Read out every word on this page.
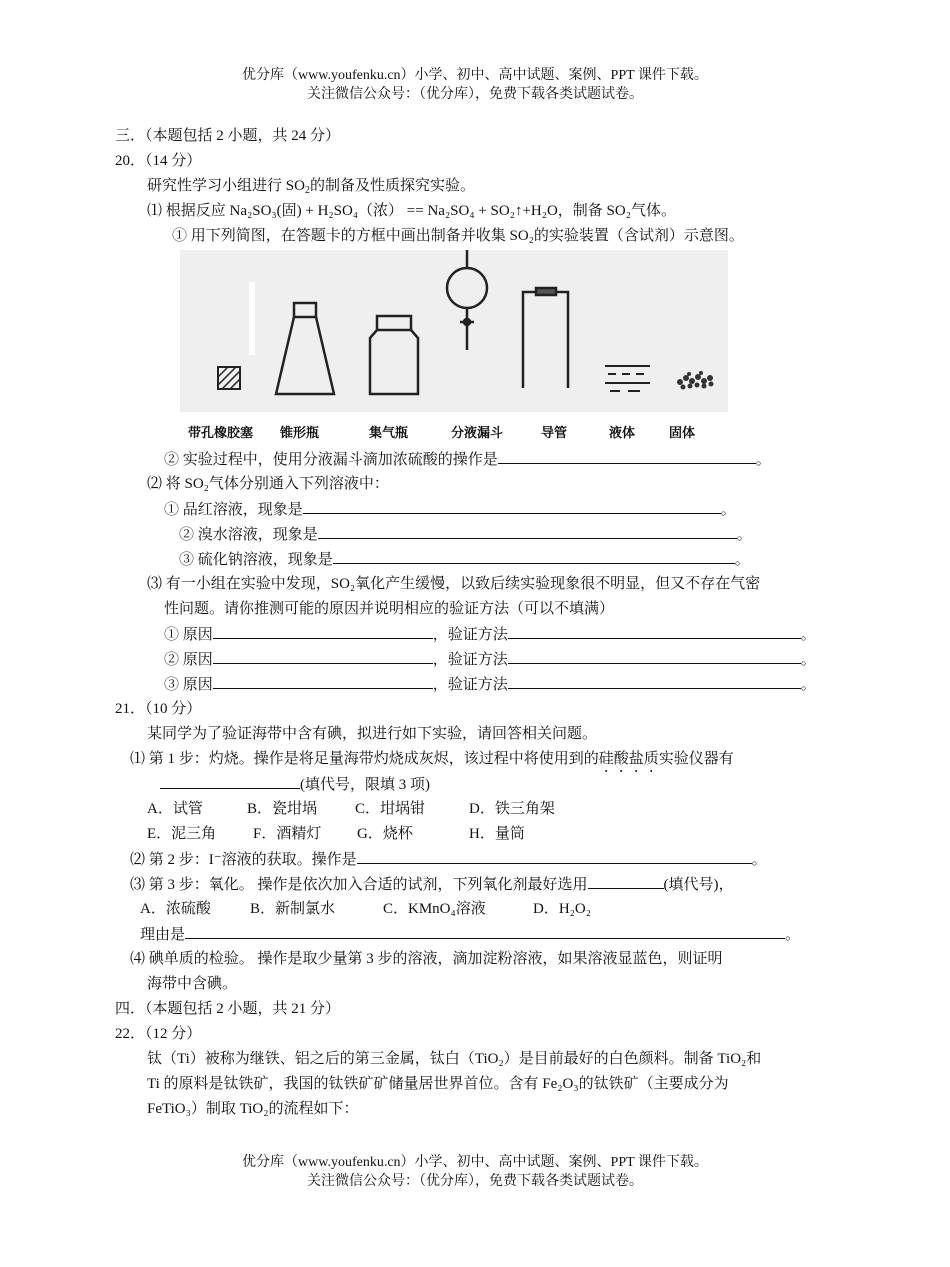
优分库（www.youfenku.cn）小学、初中、高中试题、案例、PPT 课件下载。
关注微信公众号：（优分库），免费下载各类试题试卷。
三．（本题包括 2 小题，共 24 分）
20．（14 分）
研究性学习小组进行 $SO_2$的制备及性质探究实验。
⑴ 根据反应 Na₂SO₃(固) + H₂SO₄（浓） == Na₂SO₄ + SO₂↑+H₂O，制备 SO₂气体。
① 用下列简图，在答题卡的方框中画出制备并收集 SO₂的实验装置（含试剂）示意图。
带孔橡胶塞 锥形瓶	集气瓶	分液漏斗	导管	液体	固体
② 实验过程中，使用分液漏斗滴加浓硫酸的操作是	。
⑵ 将 SO₂气体分别通入下列溶液中：
① 品红溶液，现象是	。
② 溴水溶液，现象是	。
③ 硫化钠溶液，现象是	。
⑶ 有一小组在实验中发现，SO₂氧化产生缓慢，以致后续实验现象很不明显，但又不存在气密
性问题。请你推测可能的原因并说明相应的验证方法（可以不填满）
① 原因	，验证方法	。
② 原因	，验证方法	。
③ 原因	，验证方法	。
21．（10 分）
某同学为了验证海带中含有碘，拟进行如下实验，请回答相关问题。
⑴ 第 1 步：灼烧。操作是将足量海带灼烧成灰烬，该过程中将使用到的硅酸盐质实验仪器有
(填代号，限填 3 项)
A．试管	B．瓷坩埚	C．坩埚钳	D．铁三角架
E．泥三角 F．酒精灯 G．烧杯	H．量筒
⑵ 第 2 步：I⁻溶液的获取。操作是	。
⑶ 第 3 步：氧化。 操作是依次加入合适的试剂，下列氧化剂最好选用	(填代号)，
A．浓硫酸	B．新制氯水	C．KMnO₄溶液	D．H₂O₂
理由是	。
⑷ 碘单质的检验。 操作是取少量第 3 步的溶液，滴加淀粉溶液，如果溶液显蓝色，则证明
海带中含碘。
四．（本题包括 2 小题，共 21 分）
22．（12 分）
钛（Ti）被称为继铁、铝之后的第三金属，钛白（TiO₂）是目前最好的白色颜料。制备 TiO₂和
Ti 的原料是钛铁矿，我国的钛铁矿矿储量居世界首位。含有 Fe₂O₃的钛铁矿（主要成分为
FeTiO₃）制取 TiO₂的流程如下：
优分库（www.youfenku.cn）小学、初中、高中试题、案例、PPT 课件下载。
关注微信公众号：（优分库），免费下载各类试题试卷。
